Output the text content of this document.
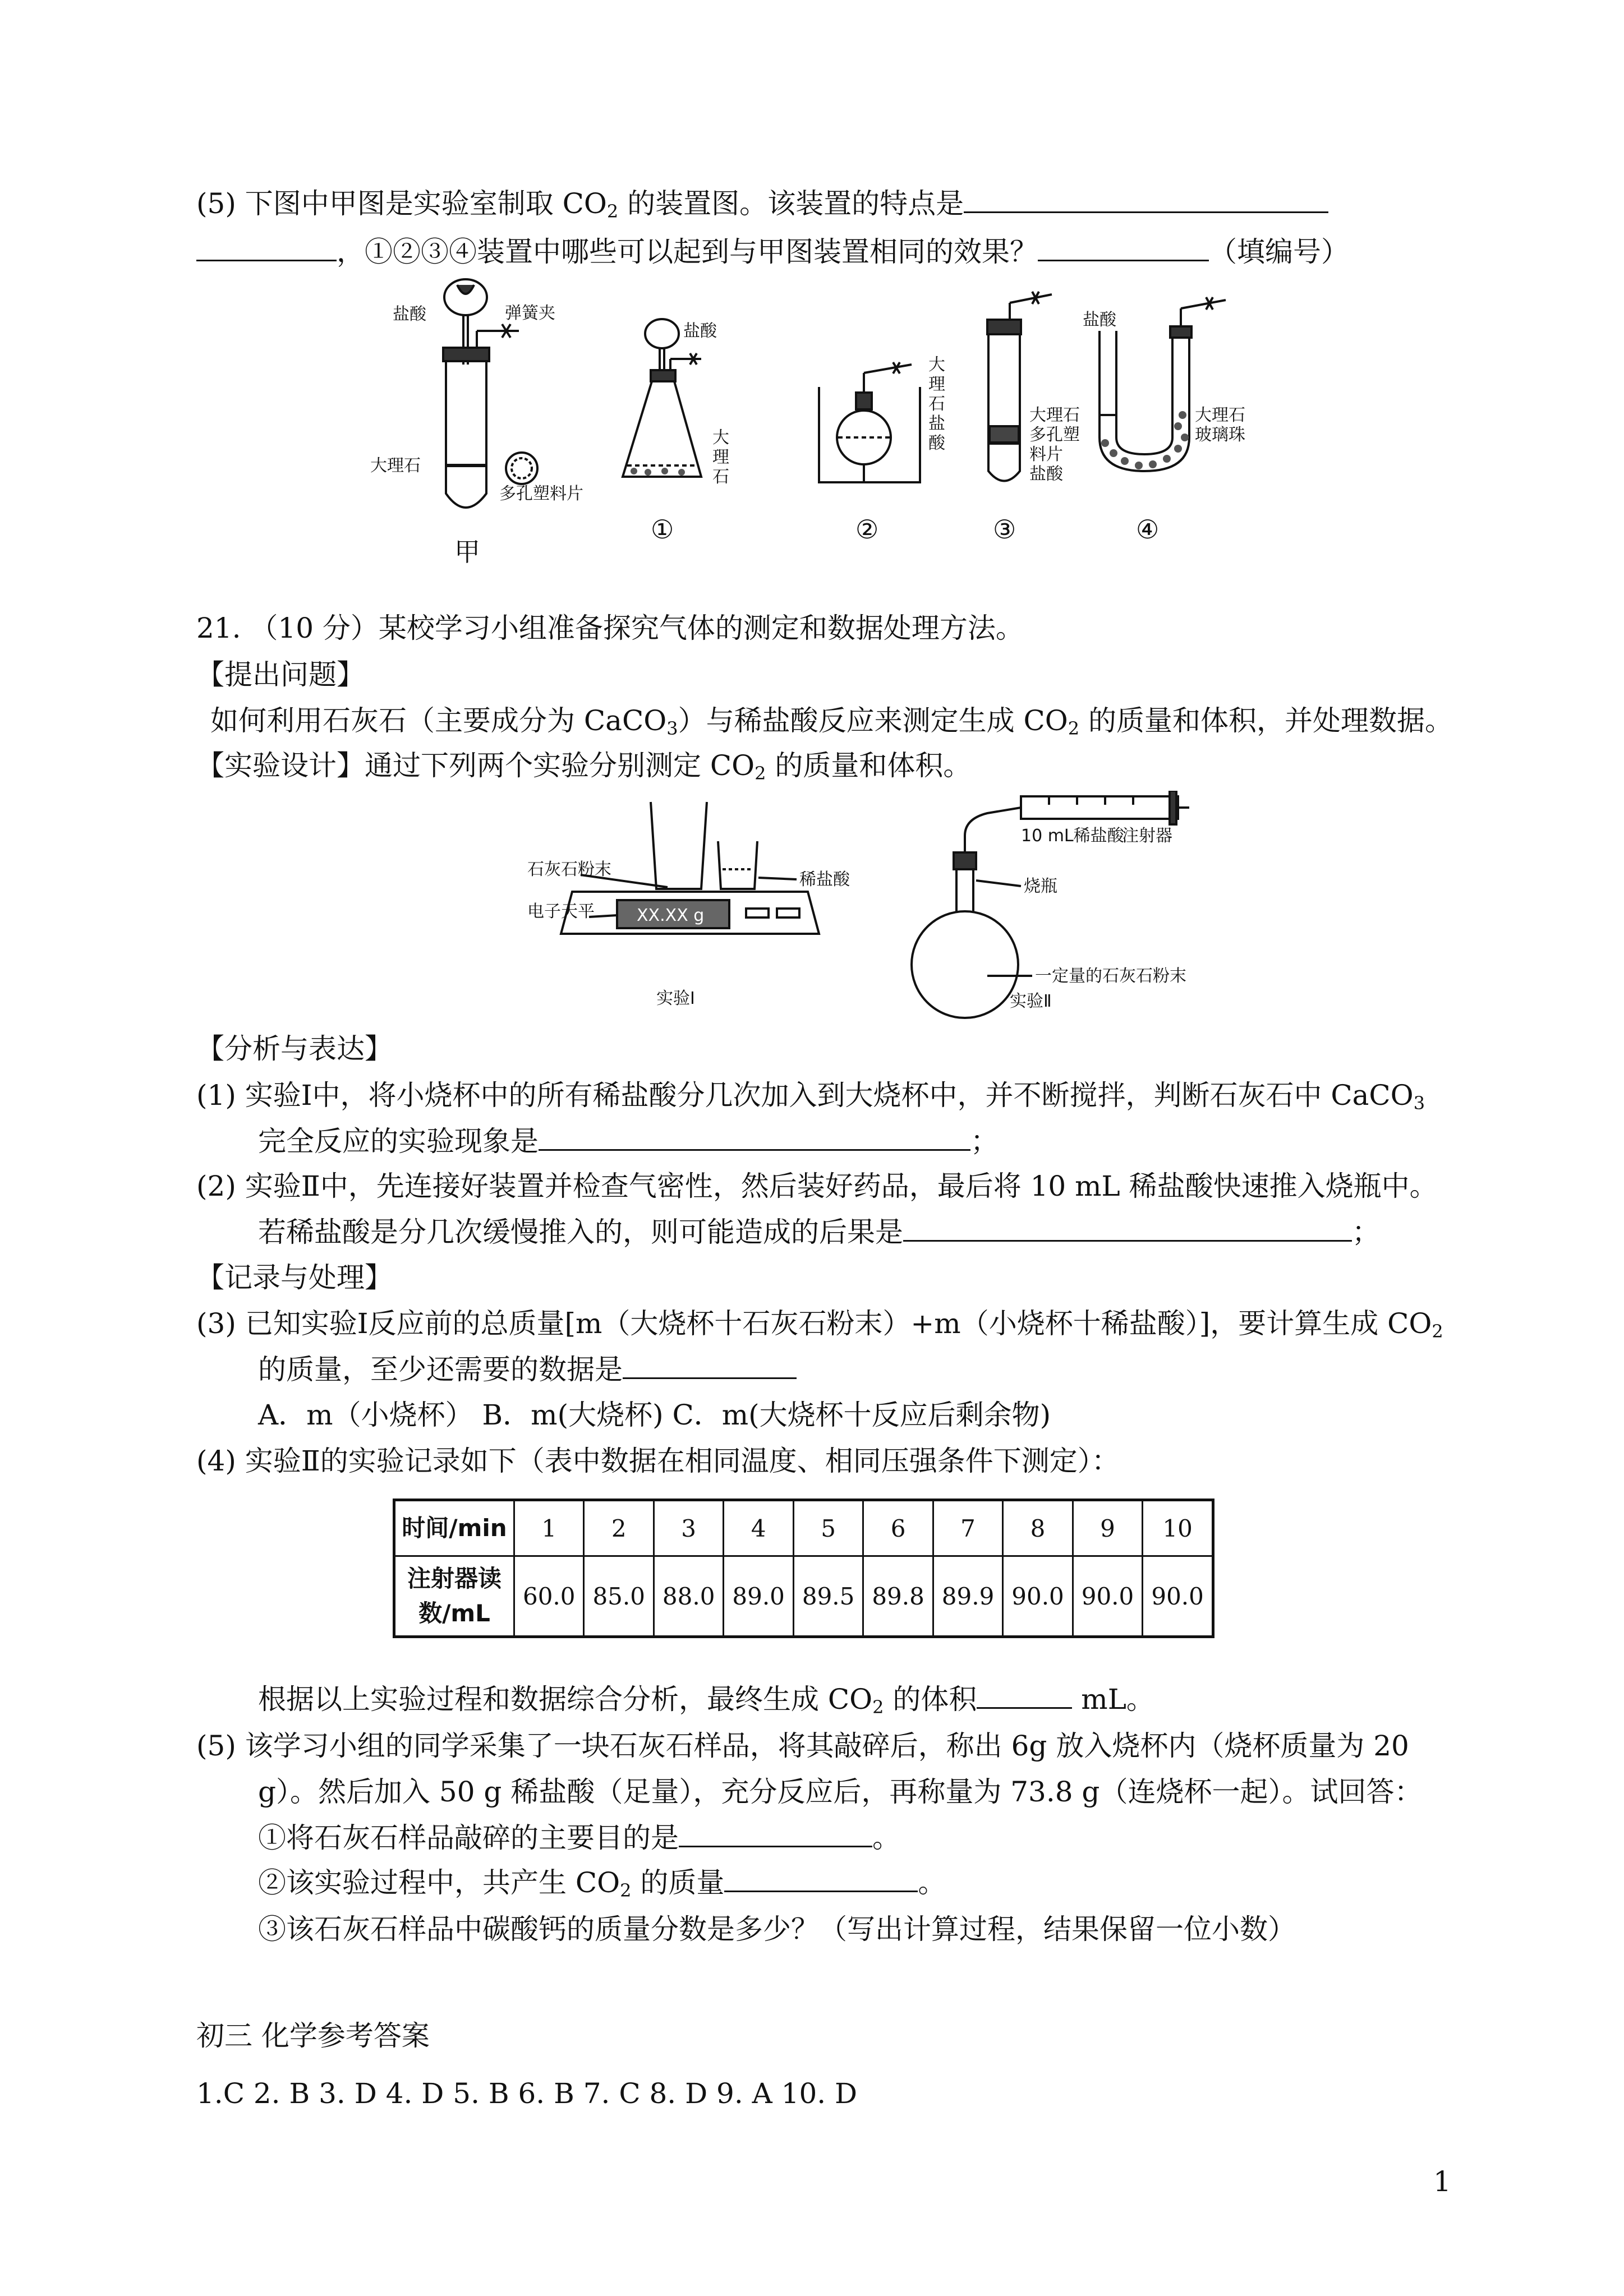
(5) 下图中甲图是实验室制取 $CO_2$ 的装置图。该装置的特点是
，①②③④装置中哪些可以起到与甲图装置相同的效果？	（填编号）
盐酸	弹簧夹
大理石
多孔塑料片
甲
盐酸
大
理
石
①
大
理
石
盐
酸
②
大理石
多孔塑
料片
盐酸
③
盐酸
大理石
玻璃珠
④
21. （10 分）某校学习小组准备探究气体的测定和数据处理方法。
【提出问题】
如何利用石灰石（主要成分为 CaCO$_3$）与稀盐酸反应来测定生成 $CO_2$ 的质量和体积，并处理数据。
【实验设计】通过下列两个实验分别测定 $CO_2$ 的质量和体积。
石灰石粉末
稀盐酸
电子天平	XX.XX g
实验Ⅰ
10 mL稀盐酸
注射器
烧瓶
一定量的石灰石粉末
实验Ⅱ
【分析与表达】
(1) 实验Ⅰ中，将小烧杯中的所有稀盐酸分几次加入到大烧杯中，并不断搅拌，判断石灰石中 CaCO$_3$
完全反应的实验现象是	；
(2) 实验Ⅱ中，先连接好装置并检查气密性，然后装好药品，最后将 10 mL 稀盐酸快速推入烧瓶中。
若稀盐酸是分几次缓慢推入的，则可能造成的后果是	；
【记录与处理】
(3) 已知实验Ⅰ反应前的总质量[m（大烧杯十石灰石粉末）+m（小烧杯十稀盐酸）]，要计算生成 $CO_2$
的质量，至少还需要的数据是
A．m（小烧杯） B．m(大烧杯) C．m(大烧杯十反应后剩余物)
(4) 实验Ⅱ的实验记录如下（表中数据在相同温度、相同压强条件下测定）：
时间/min	1	2	3	4	5	6	7	8	9	10
注射器读
数/mL	60.0	85.0	88.0	89.0	89.5	89.8	89.9	90.0	90.0	90.0
根据以上实验过程和数据综合分析，最终生成 $CO_2$ 的体积	mL。
(5) 该学习小组的同学采集了一块石灰石样品，将其敲碎后，称出 6g 放入烧杯内（烧杯质量为 20
g）。然后加入 50 g 稀盐酸（足量），充分反应后，再称量为 73.8 g（连烧杯一起）。试回答：
①将石灰石样品敲碎的主要目的是	。
②该实验过程中，共产生 $CO_2$ 的质量	。
③该石灰石样品中碳酸钙的质量分数是多少？（写出计算过程，结果保留一位小数）
初三 化学参考答案
1.C 2. B 3. D 4. D 5. B 6. B 7. C 8. D 9. A 10. D
1
